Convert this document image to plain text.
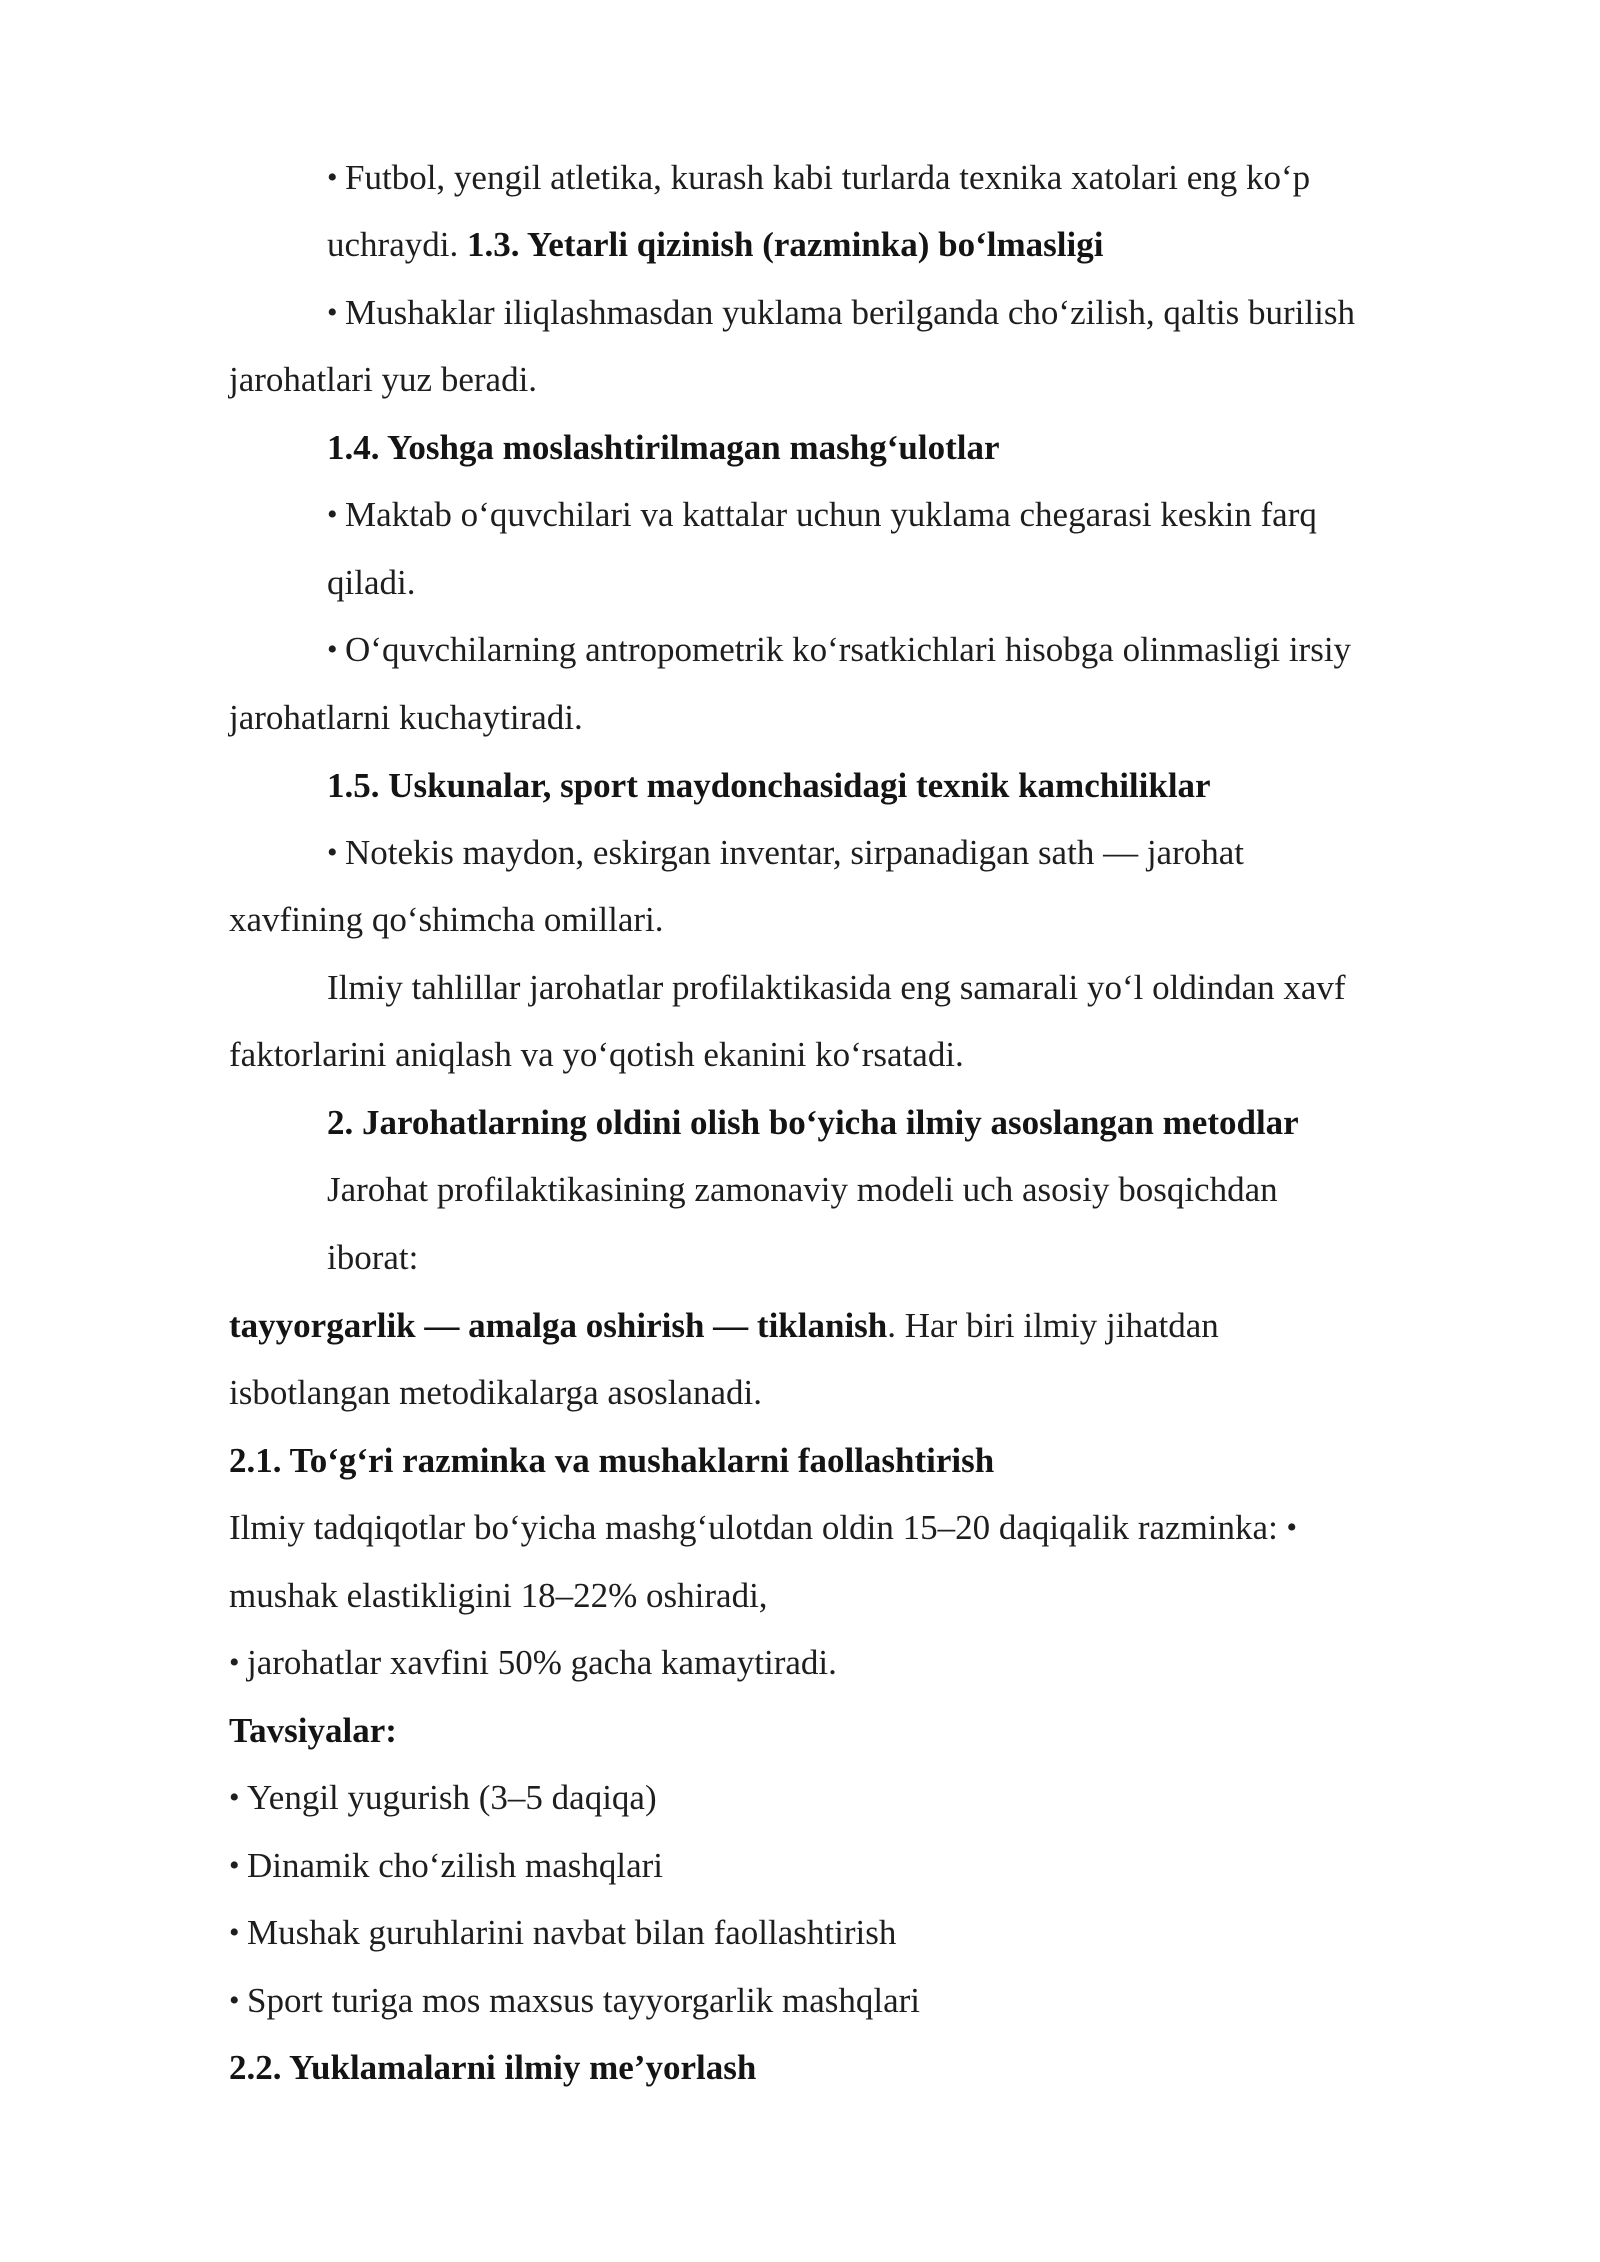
• Futbol, yengil atletika, kurash kabi turlarda texnika xatolari eng ko‘p
uchraydi. 1.3. Yetarli qizinish (razminka) bo‘lmasligi
• Mushaklar iliqlashmasdan yuklama berilganda cho‘zilish, qaltis burilish
jarohatlari yuz beradi.
1.4. Yoshga moslashtirilmagan mashg‘ulotlar
• Maktab o‘quvchilari va kattalar uchun yuklama chegarasi keskin farq
qiladi.
• O‘quvchilarning antropometrik ko‘rsatkichlari hisobga olinmasligi irsiy
jarohatlarni kuchaytiradi.
1.5. Uskunalar, sport maydonchasidagi texnik kamchiliklar
• Notekis maydon, eskirgan inventar, sirpanadigan sath — jarohat
xavfining qo‘shimcha omillari.
Ilmiy tahlillar jarohatlar profilaktikasida eng samarali yo‘l oldindan xavf
faktorlarini aniqlash va yo‘qotish ekanini ko‘rsatadi.
2. Jarohatlarning oldini olish bo‘yicha ilmiy asoslangan metodlar
Jarohat profilaktikasining zamonaviy modeli uch asosiy bosqichdan
iborat:
tayyorgarlik — amalga oshirish — tiklanish. Har biri ilmiy jihatdan
isbotlangan metodikalarga asoslanadi.
2.1. To‘g‘ri razminka va mushaklarni faollashtirish
Ilmiy tadqiqotlar bo‘yicha mashg‘ulotdan oldin 15–20 daqiqalik razminka: •
mushak elastikligini 18–22% oshiradi,
• jarohatlar xavfini 50% gacha kamaytiradi.
Tavsiyalar:
• Yengil yugurish (3–5 daqiqa)
• Dinamik cho‘zilish mashqlari
• Mushak guruhlarini navbat bilan faollashtirish
• Sport turiga mos maxsus tayyorgarlik mashqlari
2.2. Yuklamalarni ilmiy me’yorlash
